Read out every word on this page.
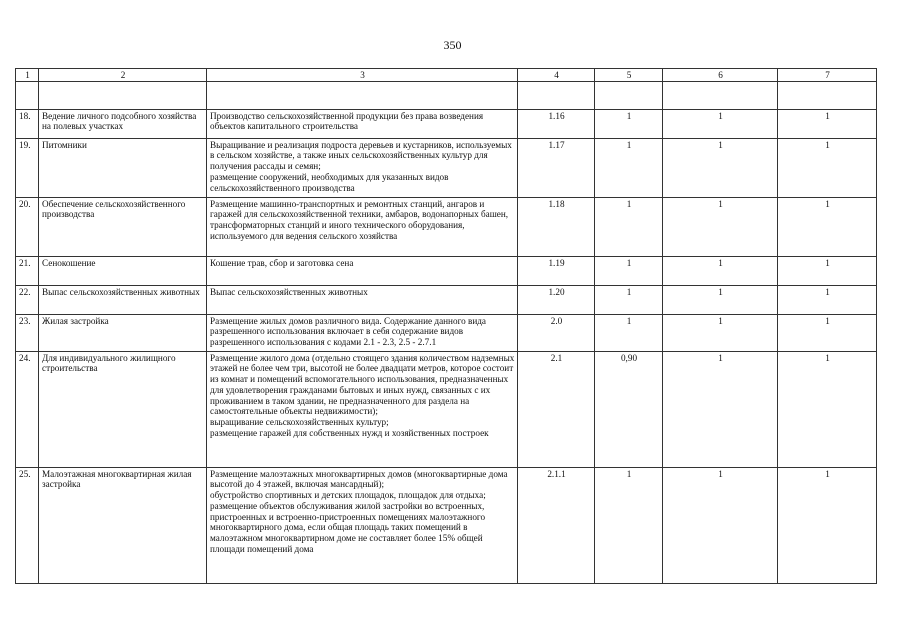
350
1	2	3	4	5	6	7

18.	Ведение личного подсобного хозяйства на полевых участках	Производство сельскохозяйственной продукции без права возведения объектов капитального строительства	1.16	1	1	1
19.	Питомники	Выращивание и реализация подроста деревьев и кустарников, используемых в сельском хозяйстве, а также иных сельскохозяйственных культур для получения рассады и семян;
размещение сооружений, необходимых для указанных видов сельскохозяйственного производства	1.17	1	1	1
20.	Обеспечение сельскохозяйственного производства	Размещение машинно-транспортных и ремонтных станций, ангаров и гаражей для сельскохозяйственной техники, амбаров, водонапорных башен, трансформаторных станций и иного технического оборудования, используемого для ведения сельского хозяйства	1.18	1	1	1
21.	Сенокошение	Кошение трав, сбор и заготовка сена	1.19	1	1	1
22.	Выпас сельскохозяйственных животных	Выпас сельскохозяйственных животных	1.20	1	1	1
23.	Жилая застройка	Размещение жилых домов различного вида. Содержание данного вида разрешенного использования включает в себя содержание видов разрешенного использования с кодами 2.1 - 2.3, 2.5 - 2.7.1	2.0	1	1	1
24.	Для индивидуального жилищного строительства	Размещение жилого дома (отдельно стоящего здания количеством надземных этажей не более чем три, высотой не более двадцати метров, которое состоит из комнат и помещений вспомогательного использования, предназначенных для удовлетворения гражданами бытовых и иных нужд, связанных с их проживанием в таком здании, не предназначенного для раздела на самостоятельные объекты недвижимости);
выращивание сельскохозяйственных культур;
размещение гаражей для собственных нужд и хозяйственных построек	2.1	0,90	1	1
25.	Малоэтажная многоквартирная жилая застройка	Размещение малоэтажных многоквартирных домов (многоквартирные дома высотой до 4 этажей, включая мансардный);
обустройство спортивных и детских площадок, площадок для отдыха;
размещение объектов обслуживания жилой застройки во встроенных, пристроенных и встроенно-пристроенных помещениях малоэтажного многоквартирного дома, если общая площадь таких помещений в малоэтажном многоквартирном доме не составляет более 15% общей площади помещений дома	2.1.1	1	1	1
